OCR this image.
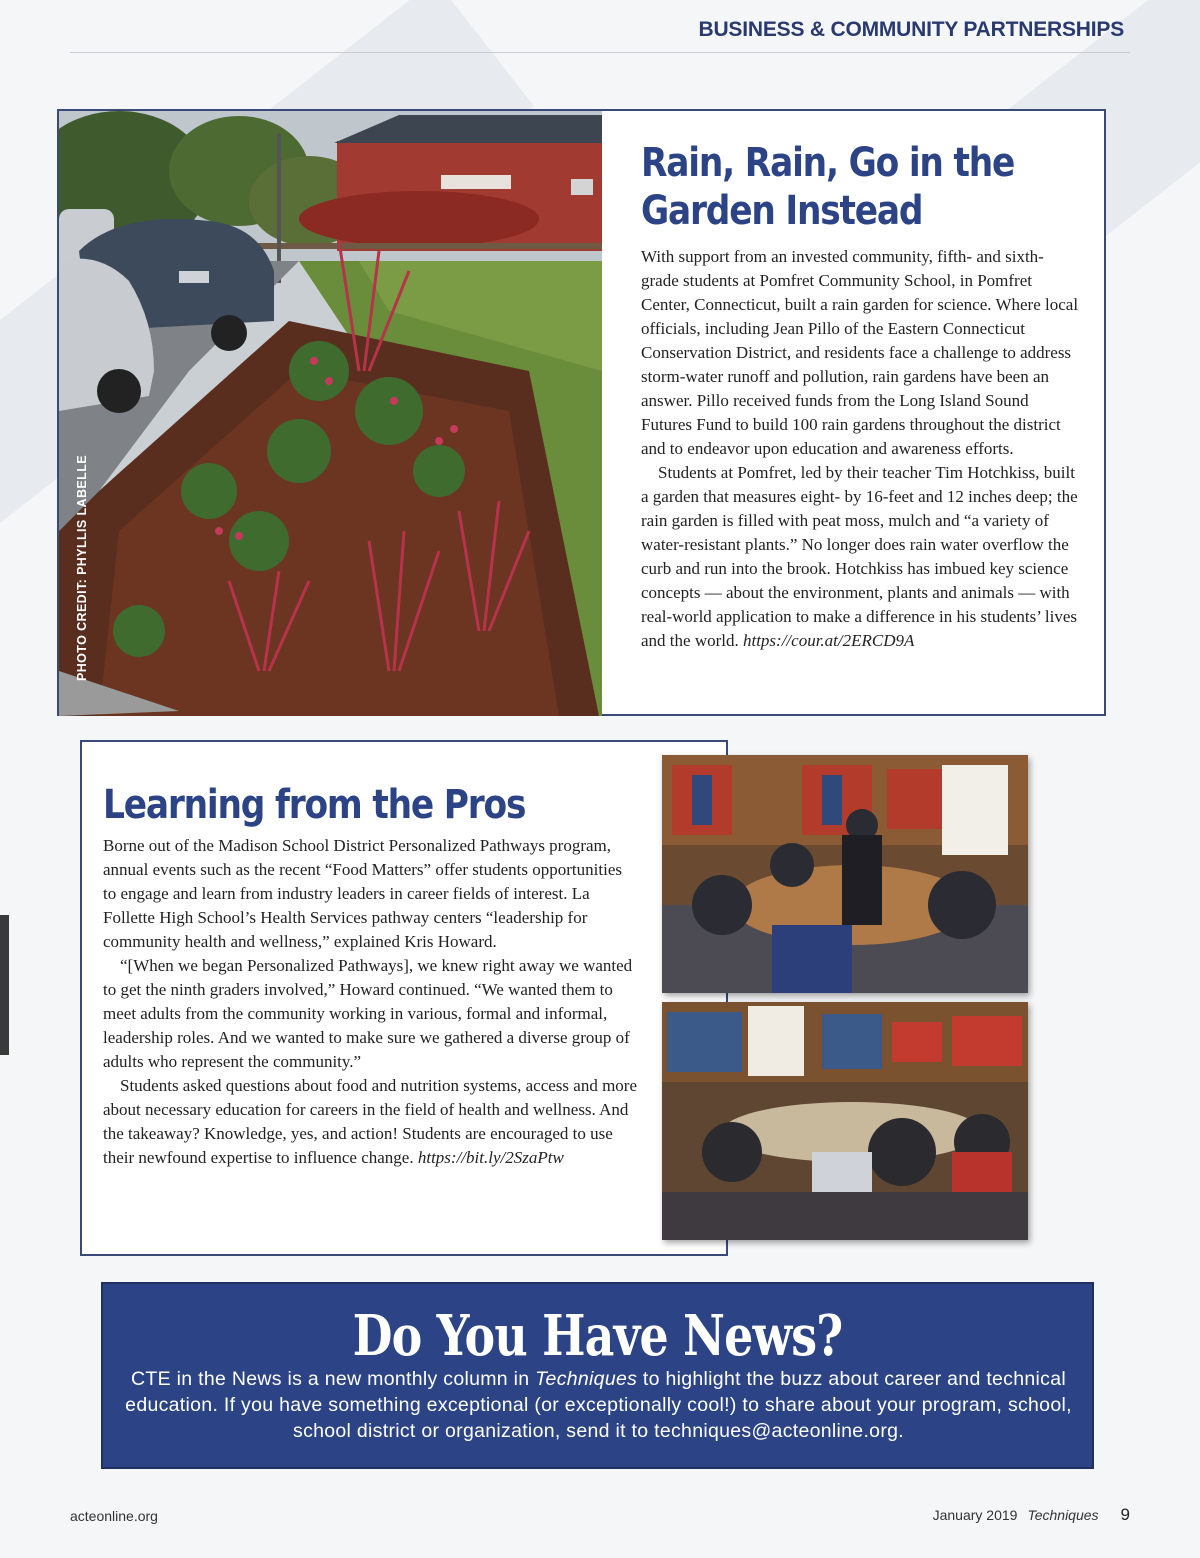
BUSINESS & COMMUNITY PARTNERSHIPS
PHOTO CREDIT: PHYLLIS LABELLE
Rain, Rain, Go in the
Garden Instead

With support from an invested community, fifth- and sixth-grade students at Pomfret Community School, in Pomfret Center, Connecticut, built a rain garden for science. Where local officials, including Jean Pillo of the Eastern Connecticut Conservation District, and residents face a challenge to address storm-water runoff and pollution, rain gardens have been an answer. Pillo received funds from the Long Island Sound Futures Fund to build 100 rain gardens throughout the district and to endeavor upon education and awareness efforts.

Students at Pomfret, led by their teacher Tim Hotchkiss, built a garden that measures eight- by 16-feet and 12 inches deep; the rain garden is filled with peat moss, mulch and “a variety of water-resistant plants.” No longer does rain water overflow the curb and run into the brook. Hotchkiss has imbued key science concepts — about the environment, plants and animals — with real-world application to make a difference in his students’ lives and the world. https://cour.at/2ERCD9A

Learning from the Pros

Borne out of the Madison School District Personalized Pathways program, annual events such as the recent “Food Matters” offer students opportunities to engage and learn from industry leaders in career fields of interest. La Follette High School’s Health Services pathway centers “leadership for community health and wellness,” explained Kris Howard.

“[When we began Personalized Pathways], we knew right away we wanted to get the ninth graders involved,” Howard continued. “We wanted them to meet adults from the community working in various, formal and informal, leadership roles. And we wanted to make sure we gathered a diverse group of adults who represent the community.”

Students asked questions about food and nutrition systems, access and more about necessary education for careers in the field of health and wellness. And the takeaway? Knowledge, yes, and action! Students are encouraged to use their newfound expertise to influence change. https://bit.ly/2SzaPtw

Do You Have News?
CTE in the News is a new monthly column in Techniques to highlight the buzz about career and technical education. If you have something exceptional (or exceptionally cool!) to share about your program, school, school district or organization, send it to techniques@acteonline.org.
acteonline.org	January 2019 Techniques 9
